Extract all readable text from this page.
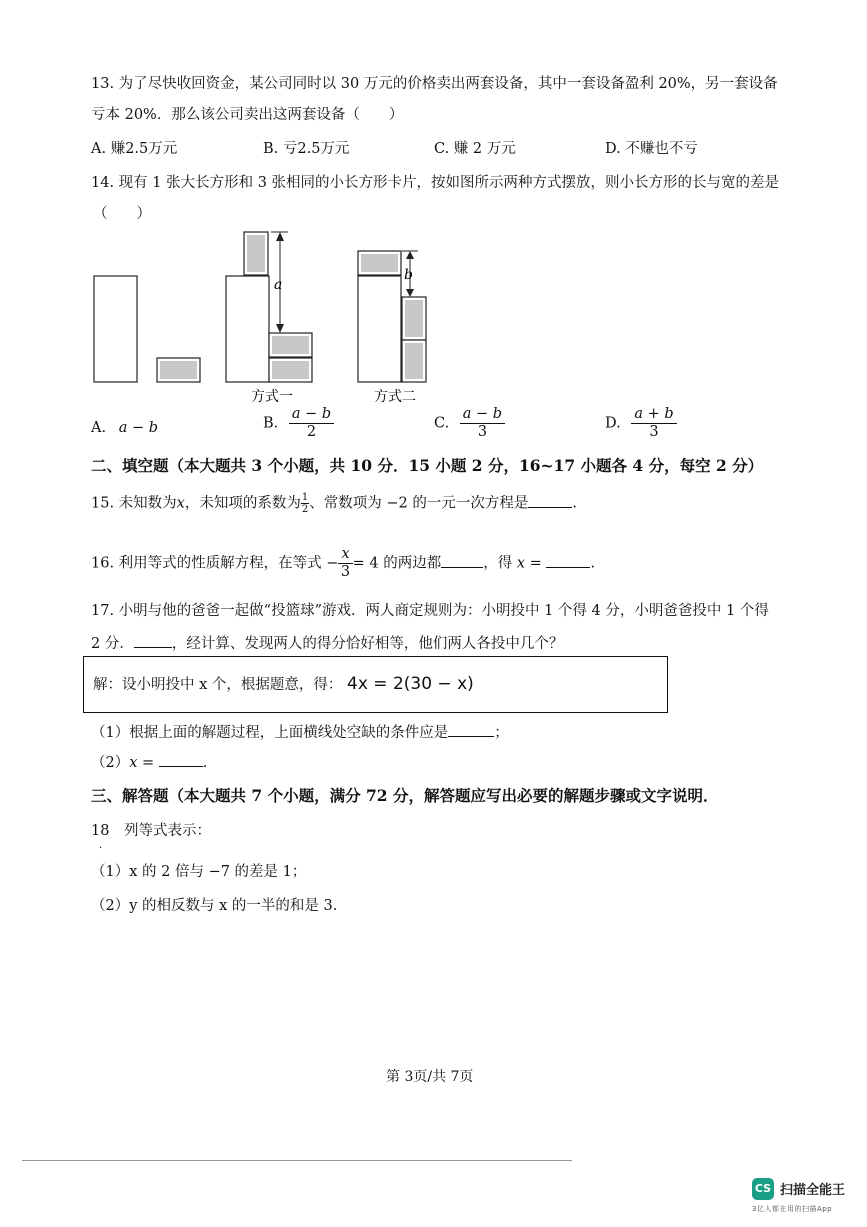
13. 为了尽快收回资金，某公司同时以 30 万元的价格卖出两套设备，其中一套设备盈利 20%，另一套设备
亏本 20%．那么该公司卖出这两套设备（　　）
A. 赚2.5万元	B. 亏2.5万元	C. 赚 2 万元	D. 不赚也不亏
14. 现有 1 张大长方形和 3 张相同的小长方形卡片，按如图所示两种方式摆放，则小长方形的长与宽的差是
（　　）
a
b
方式一	方式二
A. a − b	B. $\frac{a - b}{2}$	C. $\frac{a - b}{3}$	D. $\frac{a + b}{3}$
二、填空题（本大题共 3 个小题，共 10 分．15 小题 2 分，16~17 小题各 4 分，每空 2 分）
15. 未知数为x，未知项的系数为 $\frac{1}{2}$ 、常数项为 −2 的一元一次方程是	.
16. 利用等式的性质解方程，在等式 − $\frac{x}{3} = 4$ 的两边都	，得 x =	.
17. 小明与他的爸爸一起做“投篮球”游戏．两人商定规则为：小明投中 1 个得 4 分，小明爸爸投中 1 个得
2 分．	，经计算、发现两人的得分恰好相等，他们两人各投中几个？
解：设小明投中 x 个，根据题意，得： 4x = 2(30 − x)
（1）根据上面的解题过程，上面横线处空缺的条件应是	；
（2）x =	.
三、解答题（本大题共 7 个小题，满分 72 分，解答题应写出必要的解题步骤或文字说明．
18　列等式表示：
．
（1）x 的 2 倍与 −7 的差是 1；
（2）y 的相反数与 x 的一半的和是 3.
第 3页/共 7页
CS 扫描全能王
3亿人都在用的扫描App
